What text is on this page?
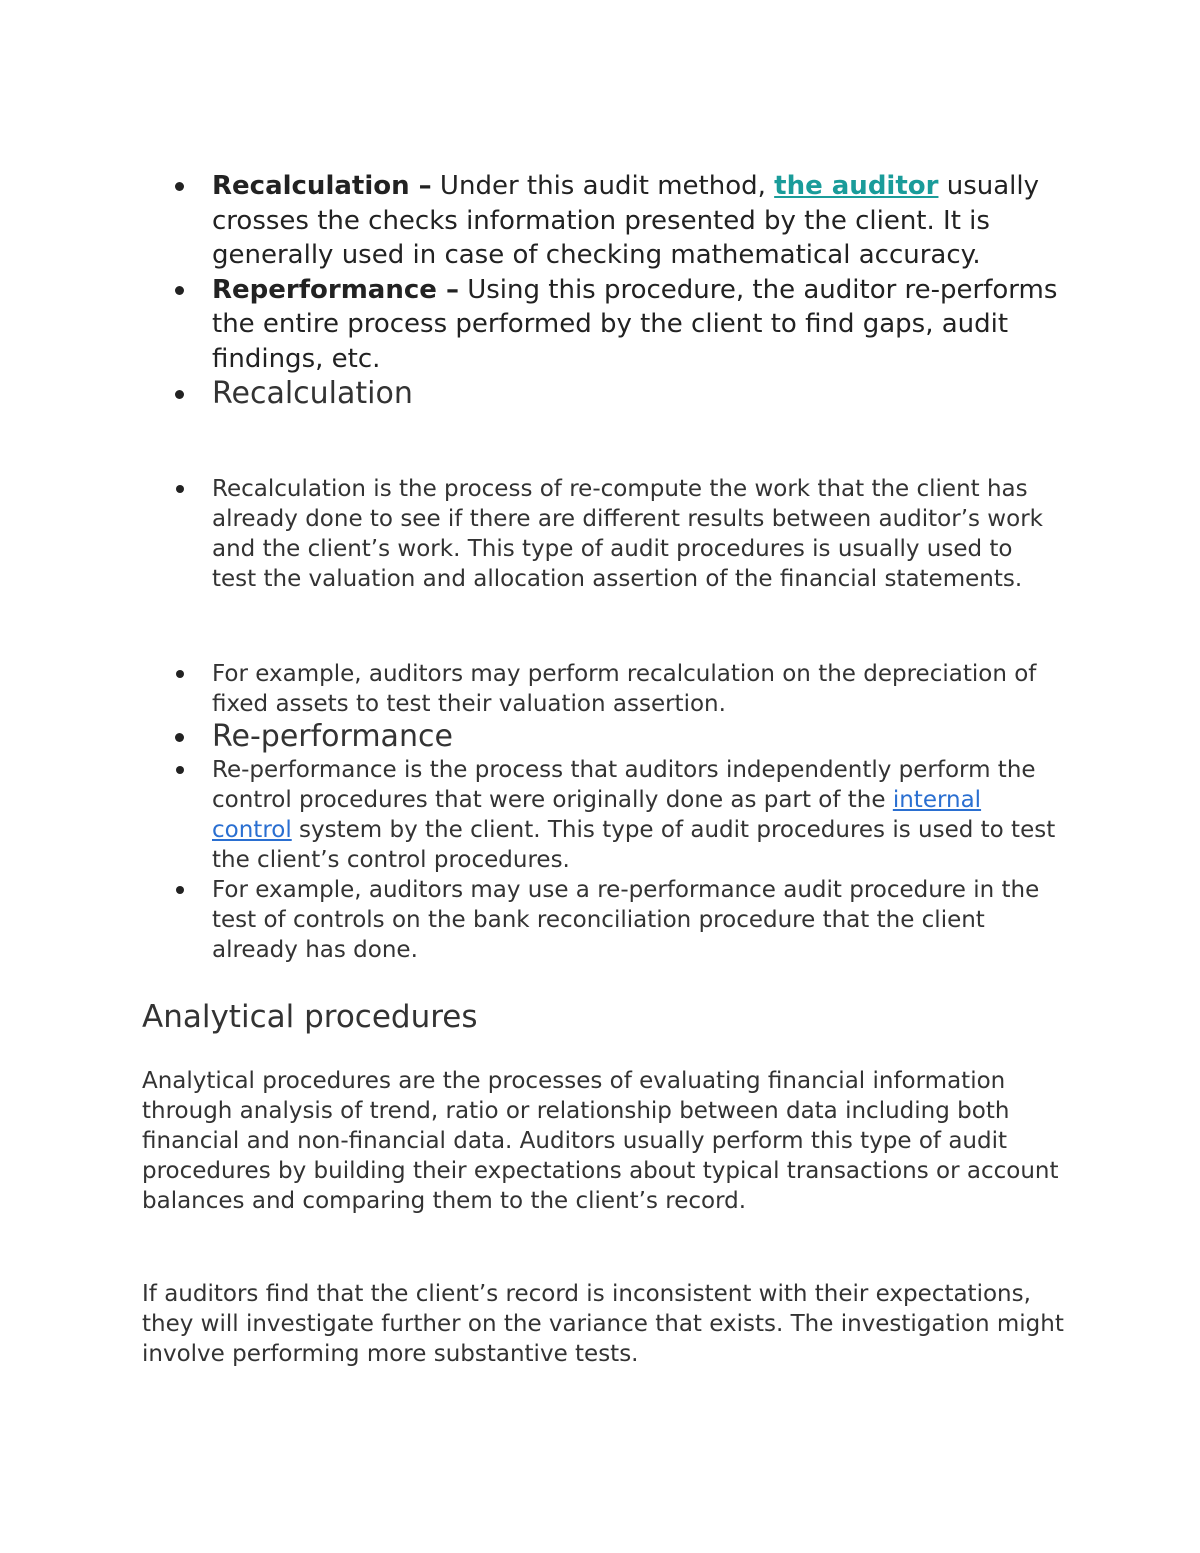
Recalculation – Under this audit method, the auditor usually crosses the checks information presented by the client. It is generally used in case of checking mathematical accuracy.
Reperformance – Using this procedure, the auditor re-performs the entire process performed by the client to find gaps, audit findings, etc.
Recalculation
Recalculation is the process of re-compute the work that the client has already done to see if there are different results between auditor’s work and the client’s work. This type of audit procedures is usually used to test the valuation and allocation assertion of the financial statements.
For example, auditors may perform recalculation on the depreciation of fixed assets to test their valuation assertion.
Re-performance
Re-performance is the process that auditors independently perform the control procedures that were originally done as part of the internal control system by the client. This type of audit procedures is used to test the client’s control procedures.
For example, auditors may use a re-performance audit procedure in the test of controls on the bank reconciliation procedure that the client already has done.
Analytical procedures

Analytical procedures are the processes of evaluating financial information through analysis of trend, ratio or relationship between data including both financial and non-financial data. Auditors usually perform this type of audit procedures by building their expectations about typical transactions or account balances and comparing them to the client’s record.

If auditors find that the client’s record is inconsistent with their expectations, they will investigate further on the variance that exists. The investigation might involve performing more substantive tests.
